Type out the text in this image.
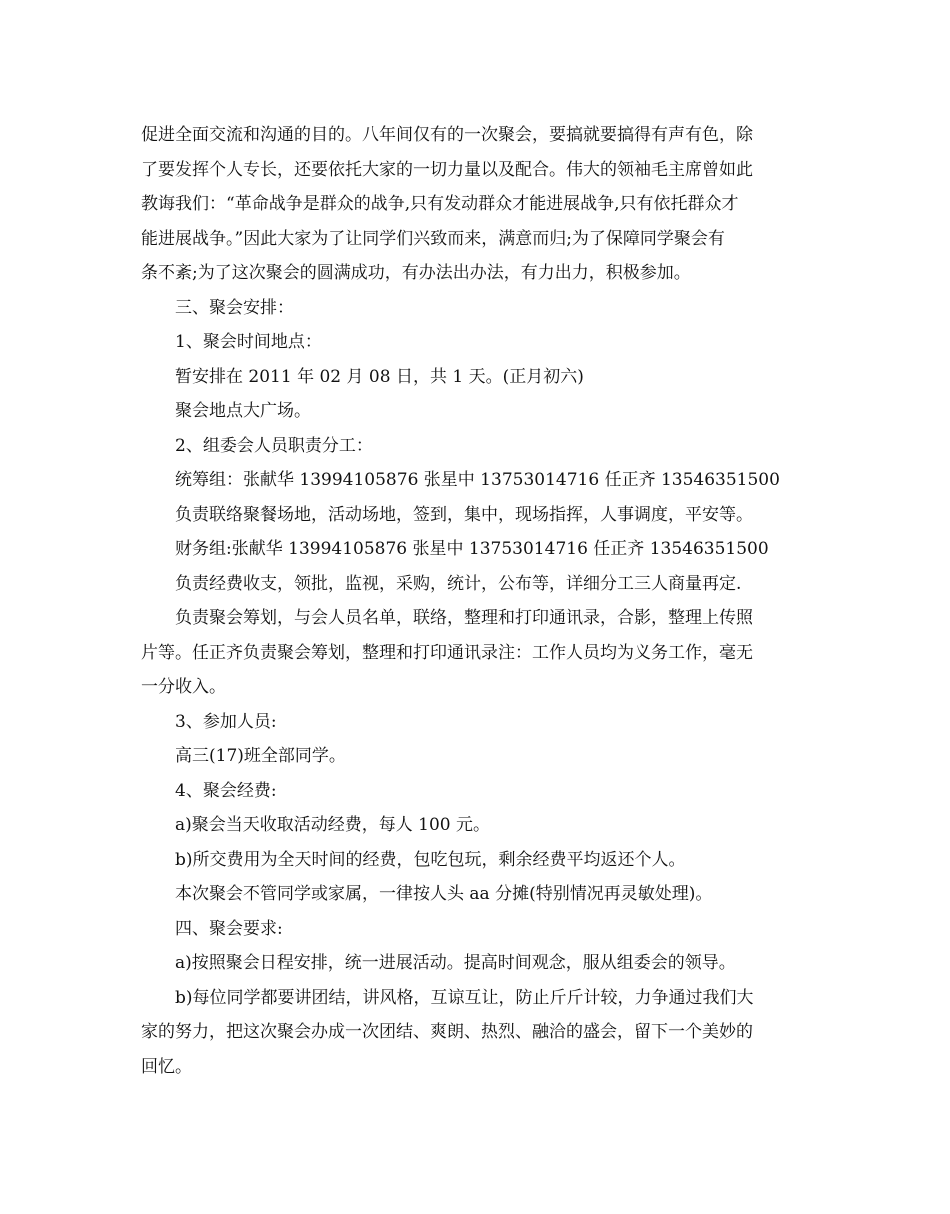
促进全面交流和沟通的目的。八年间仅有的一次聚会，要搞就要搞得有声有色，除
了要发挥个人专长，还要依托大家的一切力量以及配合。伟大的领袖毛主席曾如此
教诲我们：“革命战争是群众的战争,只有发动群众才能进展战争,只有依托群众才
能进展战争。”因此大家为了让同学们兴致而来，满意而归;为了保障同学聚会有
条不紊;为了这次聚会的圆满成功，有办法出办法，有力出力，积极参加。
三、聚会安排：
1、聚会时间地点：
暂安排在 2011 年 02 月 08 日，共 1 天。(正月初六)
聚会地点大广场。
2、组委会人员职责分工：
统筹组：张献华 13994105876 张星中 13753014716 任正齐 13546351500
负责联络聚餐场地，活动场地，签到，集中，现场指挥，人事调度，平安等。
财务组:张献华 13994105876 张星中 13753014716 任正齐 13546351500
负责经费收支，领批，监视，采购，统计，公布等，详细分工三人商量再定.
负责聚会筹划，与会人员名单，联络，整理和打印通讯录，合影，整理上传照
片等。任正齐负责聚会筹划，整理和打印通讯录注：工作人员均为义务工作，毫无
一分收入。
3、参加人员:
高三(17)班全部同学。
4、聚会经费:
a)聚会当天收取活动经费，每人 100 元。
b)所交费用为全天时间的经费，包吃包玩，剩余经费平均返还个人。
本次聚会不管同学或家属，一律按人头 aa 分摊(特别情况再灵敏处理)。
四、聚会要求:
a)按照聚会日程安排，统一进展活动。提高时间观念，服从组委会的领导。
b)每位同学都要讲团结，讲风格，互谅互让，防止斤斤计较，力争通过我们大
家的努力，把这次聚会办成一次团结、爽朗、热烈、融洽的盛会，留下一个美妙的
回忆。
